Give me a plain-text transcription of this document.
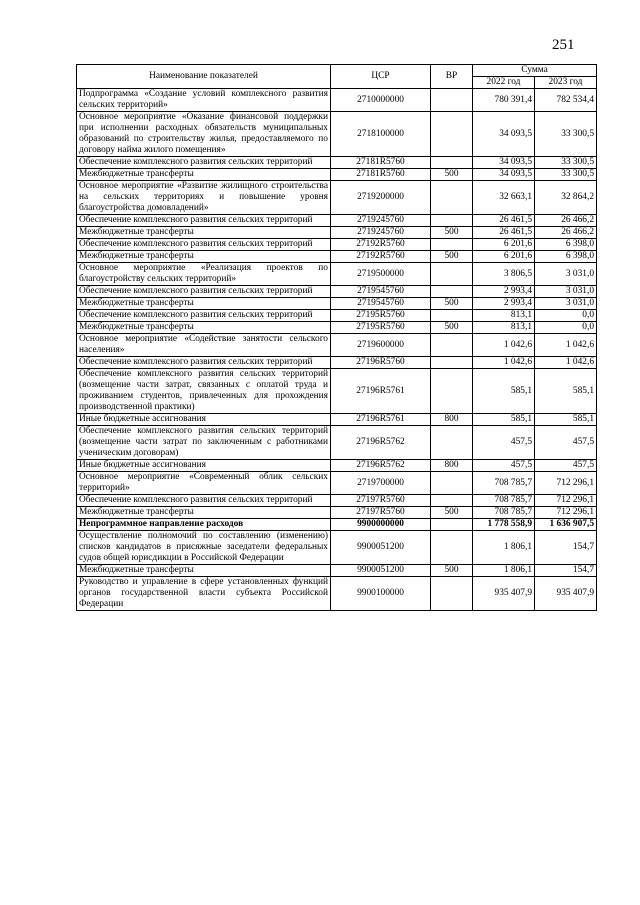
251
Наименование показателей	ЦСР	ВР	Сумма	
			2022 год	2023 год
Подпрограмма «Создание условий комплексного развития сельских территорий»	2710000000		780 391,4	782 534,4
Основное мероприятие «Оказание финансовой поддержки при исполнении расходных обязательств муниципальных образований по строительству жилья, предоставляемого по договору найма жилого помещения»	2718100000		34 093,5	33 300,5
Обеспечение комплексного развития сельских территорий	27181R5760		34 093,5	33 300,5
Межбюджетные трансферты	27181R5760	500	34 093,5	33 300,5
Основное мероприятие «Развитие жилищного строительства на сельских территориях и повышение уровня благоустройства домовладений»	2719200000		32 663,1	32 864,2
Обеспечение комплексного развития сельских территорий	2719245760		26 461,5	26 466,2
Межбюджетные трансферты	2719245760	500	26 461,5	26 466,2
Обеспечение комплексного развития сельских территорий	27192R5760		6 201,6	6 398,0
Межбюджетные трансферты	27192R5760	500	6 201,6	6 398,0
Основное мероприятие «Реализация проектов по благоустройству сельских территорий»	2719500000		3 806,5	3 031,0
Обеспечение комплексного развития сельских территорий	2719545760		2 993,4	3 031,0
Межбюджетные трансферты	2719545760	500	2 993,4	3 031,0
Обеспечение комплексного развития сельских территорий	27195R5760		813,1	0,0
Межбюджетные трансферты	27195R5760	500	813,1	0,0
Основное мероприятие «Содействие занятости сельского населения»	2719600000		1 042,6	1 042,6
Обеспечение комплексного развития сельских территорий	27196R5760		1 042,6	1 042,6
Обеспечение комплексного развития сельских территорий (возмещение части затрат, связанных с оплатой труда и проживанием студентов, привлеченных для прохождения производственной практики)	27196R5761		585,1	585,1
Иные бюджетные ассигнования	27196R5761	800	585,1	585,1
Обеспечение комплексного развития сельских территорий (возмещение части затрат по заключенным с работниками ученическим договорам)	27196R5762		457,5	457,5
Иные бюджетные ассигнования	27196R5762	800	457,5	457,5
Основное мероприятие «Современный облик сельских территорий»	2719700000		708 785,7	712 296,1
Обеспечение комплексного развития сельских территорий	27197R5760		708 785,7	712 296,1
Межбюджетные трансферты	27197R5760	500	708 785,7	712 296,1
Непрограммное направление расходов	9900000000		1 778 558,9	1 636 907,5
Осуществление полномочий по составлению (изменению) списков кандидатов в присяжные заседатели федеральных судов общей юрисдикции в Российской Федерации	9900051200		1 806,1	154,7
Межбюджетные трансферты	9900051200	500	1 806,1	154,7
Руководство и управление в сфере установленных функций органов государственной власти субъекта Российской Федерации	9900100000		935 407,9	935 407,9
